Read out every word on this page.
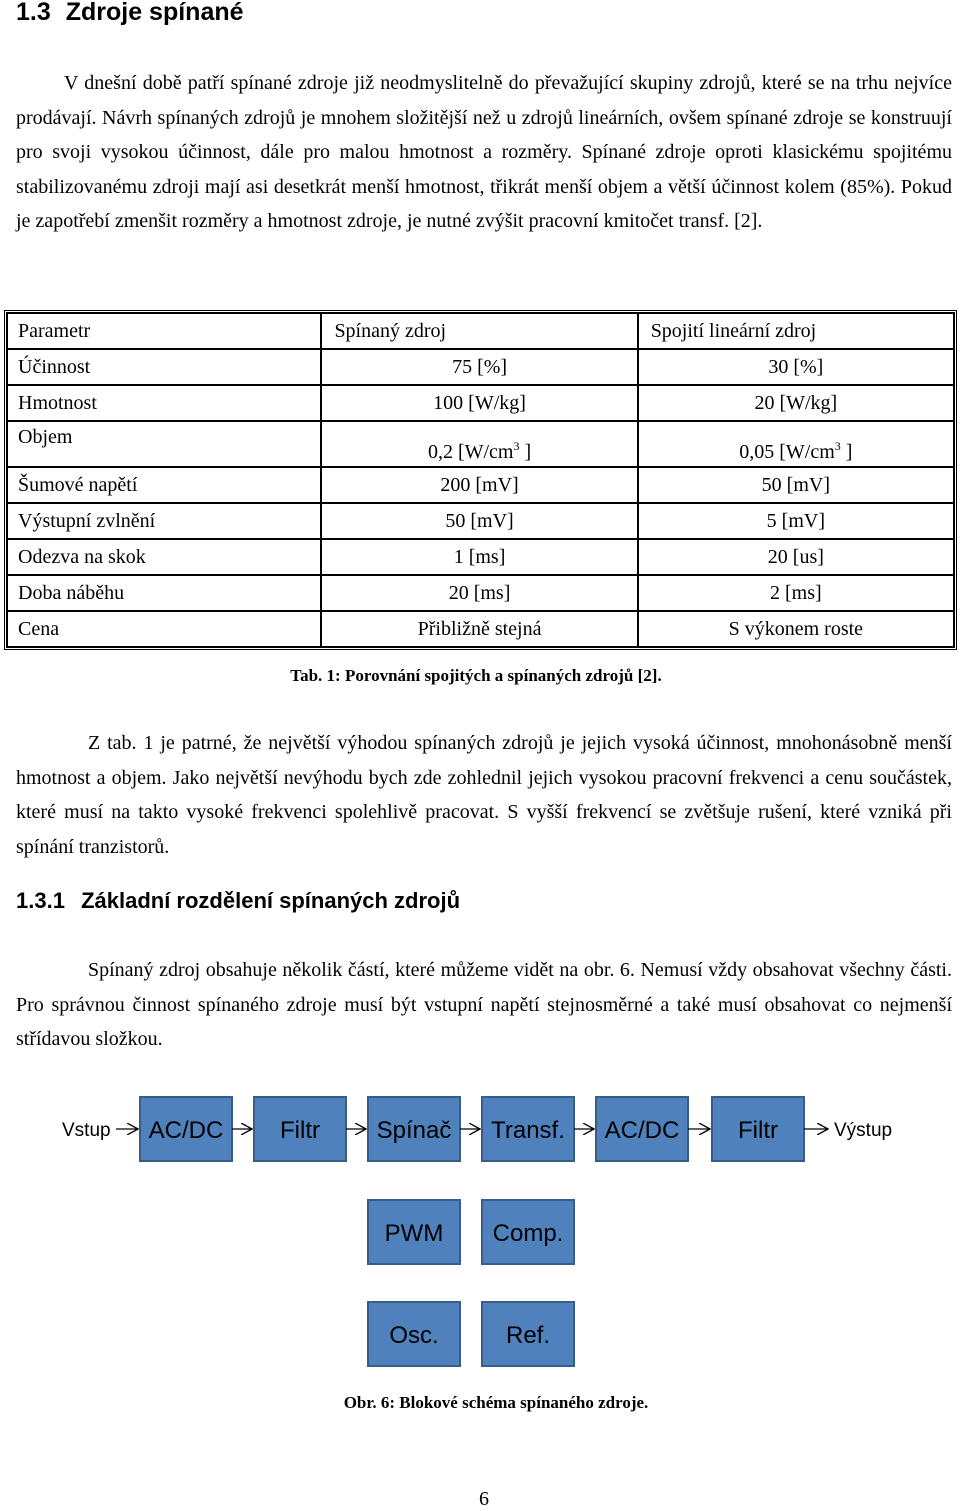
1.3 Zdroje spínané

V dnešní době patří spínané zdroje již neodmyslitelně do převažující skupiny zdrojů, které se na trhu nejvíce prodávají. Návrh spínaných zdrojů je mnohem složitější než u zdrojů lineárních, ovšem spínané zdroje se konstruují pro svoji vysokou účinnost, dále pro malou hmotnost a rozměry. Spínané zdroje oproti klasickému spojitému stabilizovanému zdroji mají asi desetkrát menší hmotnost, třikrát menší objem a větší účinnost kolem (85%). Pokud je zapotřebí zmenšit rozměry a hmotnost zdroje, je nutné zvýšit pracovní kmitočet transf. [2].

Parametr	Spínaný zdroj	Spojití lineární zdroj
Účinnost	75 [%]	30 [%]
Hmotnost	100 [W/kg]	20 [W/kg]
Objem	0,2 [$W/cm^3$ ]	0,05 [$W/cm^3$ ]
Šumové napětí	200 [mV]	50 [mV]
Výstupní zvlnění	50 [mV]	5 [mV]
Odezva na skok	1 [ms]	20 [us]
Doba náběhu	20 [ms]	2 [ms]
Cena	Přibližně stejná	S výkonem roste

Tab. 1: Porovnání spojitých a spínaných zdrojů [2].

Z tab. 1 je patrné, že největší výhodou spínaných zdrojů je jejich vysoká účinnost, mnohonásobně menší hmotnost a objem. Jako největší nevýhodu bych zde zohlednil jejich vysokou pracovní frekvenci a cenu součástek, které musí na takto vysoké frekvenci spolehlivě pracovat. S vyšší frekvencí se zvětšuje rušení, které vzniká při spínání tranzistorů.

1.3.1 Základní rozdělení spínaných zdrojů

Spínaný zdroj obsahuje několik částí, které můžeme vidět na obr. 6. Nemusí vždy obsahovat všechny části. Pro správnou činnost spínaného zdroje musí být vstupní napětí stejnosměrné a také musí obsahovat co nejmenší střídavou složkou.

Vstup AC/DC Filtr Spínač Transf. AC/DC Filtr	Výstup
PWM Comp.
Osc.	Ref.

Obr. 6: Blokové schéma spínaného zdroje.

6
